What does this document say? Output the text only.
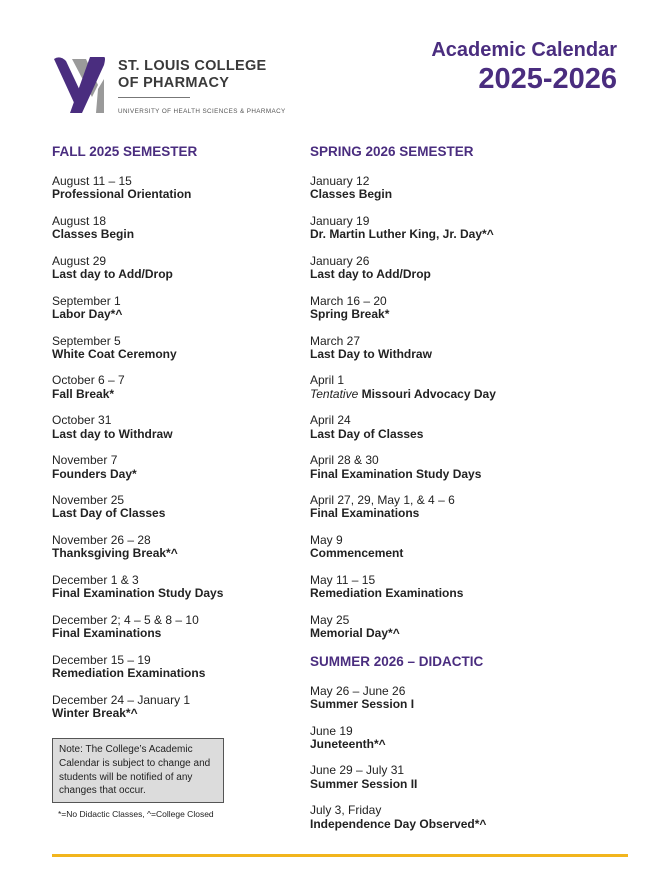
ST. LOUIS COLLEGE
OF PHARMACY
UNIVERSITY OF HEALTH SCIENCES & PHARMACY
Academic Calendar
2025-2026
FALL 2025 SEMESTER
August 11 – 15
Professional Orientation
August 18
Classes Begin
August 29
Last day to Add/Drop
September 1
Labor Day*^
September 5
White Coat Ceremony
October 6 – 7
Fall Break*
October 31
Last day to Withdraw
November 7
Founders Day*
November 25
Last Day of Classes
November 26 – 28
Thanksgiving Break*^
December 1 & 3
Final Examination Study Days
December 2; 4 – 5 & 8 – 10
Final Examinations
December 15 – 19
Remediation Examinations
December 24 – January 1
Winter Break*^
SPRING 2026 SEMESTER
January 12
Classes Begin
January 19
Dr. Martin Luther King, Jr. Day*^
January 26
Last day to Add/Drop
March 16 – 20
Spring Break*
March 27
Last Day to Withdraw
April 1
Tentative Missouri Advocacy Day
April 24
Last Day of Classes
April 28 & 30
Final Examination Study Days
April 27, 29, May 1, & 4 – 6
Final Examinations
May 9
Commencement
May 11 – 15
Remediation Examinations
May 25
Memorial Day*^
SUMMER 2026 – DIDACTIC
May 26 – June 26
Summer Session I
June 19
Juneteenth*^
June 29 – July 31
Summer Session II
July 3, Friday
Independence Day Observed*^
Note: The College’s Academic Calendar is subject to change and students will be notified of any changes that occur.
*=No Didactic Classes, ^=College Closed
